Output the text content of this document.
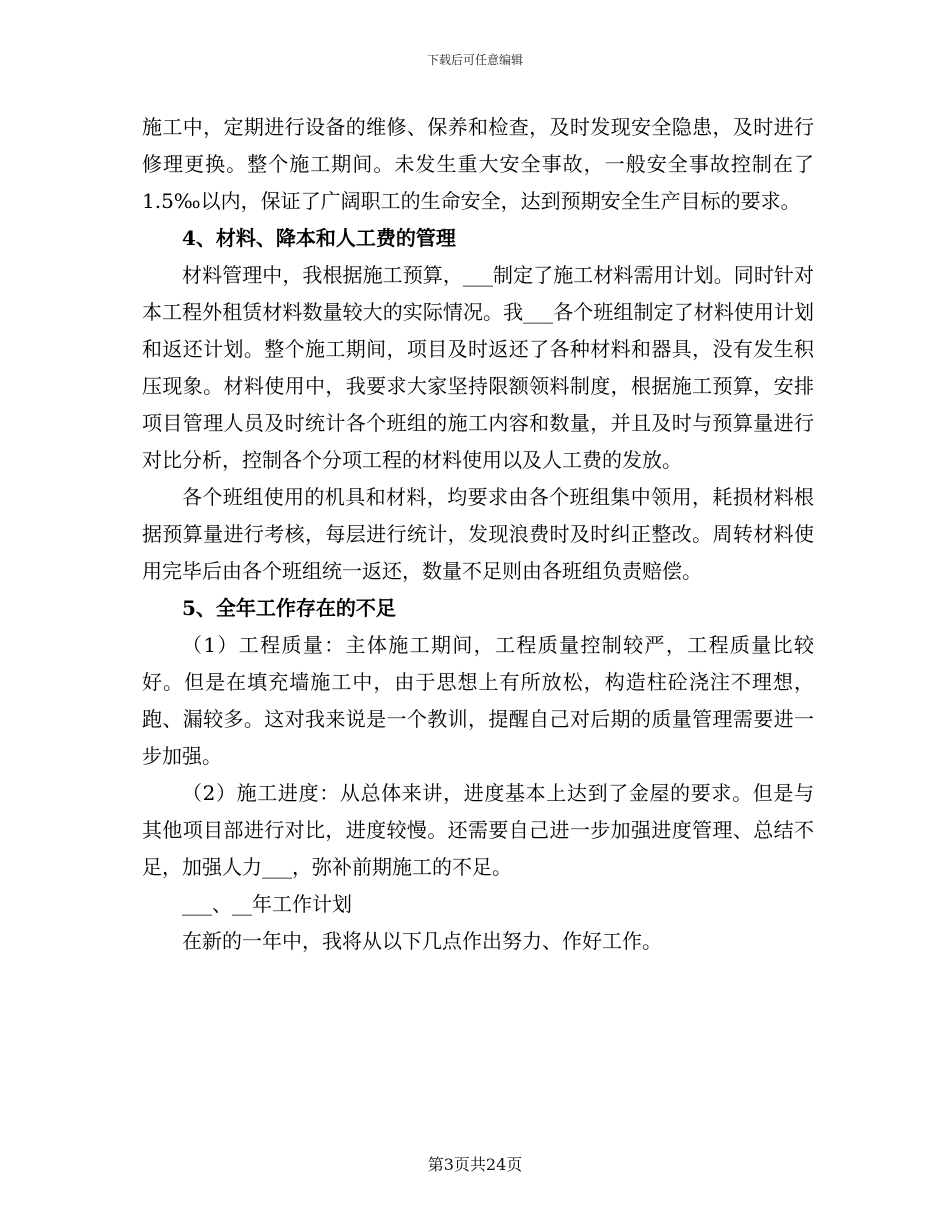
下载后可任意编辑

施工中，定期进行设备的维修、保养和检查，及时发现安全隐患，及时进行修理更换。整个施工期间。未发生重大安全事故，一般安全事故控制在了1.5‰以内，保证了广阔职工的生命安全，达到预期安全生产目标的要求。

4、材料、降本和人工费的管理

材料管理中，我根据施工预算，___制定了施工材料需用计划。同时针对本工程外租赁材料数量较大的实际情况。我___各个班组制定了材料使用计划和返还计划。整个施工期间，项目及时返还了各种材料和器具，没有发生积压现象。材料使用中，我要求大家坚持限额领料制度，根据施工预算，安排项目管理人员及时统计各个班组的施工内容和数量，并且及时与预算量进行对比分析，控制各个分项工程的材料使用以及人工费的发放。

各个班组使用的机具和材料，均要求由各个班组集中领用，耗损材料根据预算量进行考核，每层进行统计，发现浪费时及时纠正整改。周转材料使用完毕后由各个班组统一返还，数量不足则由各班组负责赔偿。

5、全年工作存在的不足

（1）工程质量：主体施工期间，工程质量控制较严，工程质量比较好。但是在填充墙施工中，由于思想上有所放松，构造柱砼浇注不理想，跑、漏较多。这对我来说是一个教训，提醒自己对后期的质量管理需要进一步加强。

（2）施工进度：从总体来讲，进度基本上达到了金屋的要求。但是与其他项目部进行对比，进度较慢。还需要自己进一步加强进度管理、总结不足，加强人力___，弥补前期施工的不足。

___、__年工作计划

在新的一年中，我将从以下几点作出努力、作好工作。

第3页共24页
